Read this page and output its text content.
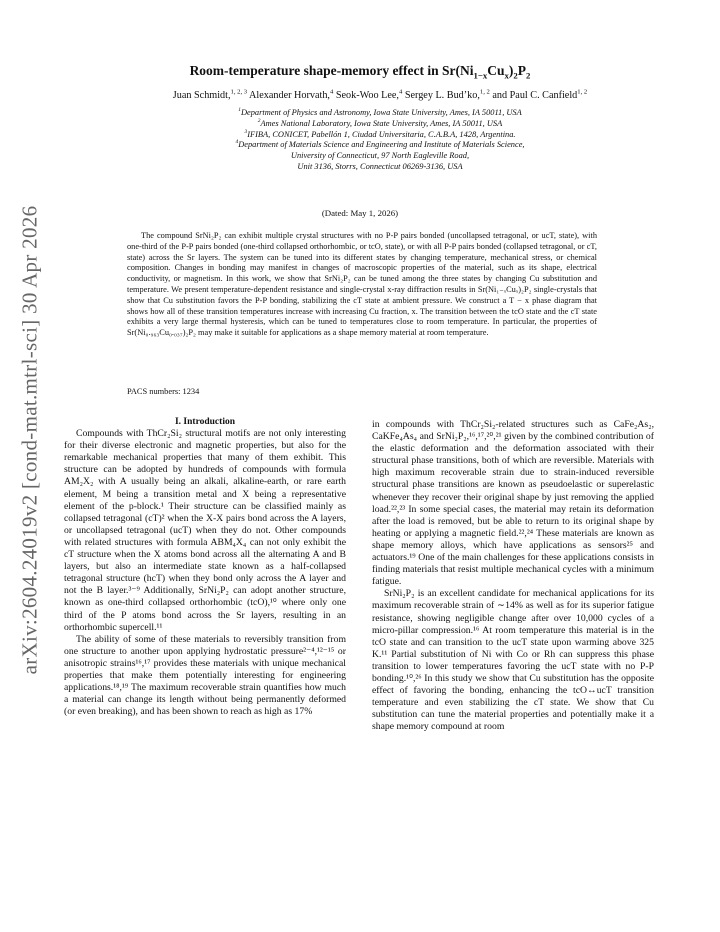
arXiv:2604.24019v2 [cond-mat.mtrl-sci] 30 Apr 2026
Room-temperature shape-memory effect in $Sr(Ni_{1-x}Cu_x)_2P_2$
Juan Schmidt,$^{1, 2, 3}$ Alexander Horvath,$^4$ Seok-Woo Lee,$^4$ Sergey L. Bud’ko,$^{1, 2}$ and Paul C. Canfield$^{1, 2}$
$^1$Department of Physics and Astronomy, Iowa State University, Ames, IA 50011, USA
$^2$Ames National Laboratory, Iowa State University, Ames, IA 50011, USA
$^3$IFIBA, CONICET, Pabellón 1, Ciudad Universitaria, C.A.B.A, 1428, Argentina.
$^4$Department of Materials Science and Engineering and Institute of Materials Science,
University of Connecticut, 97 North Eagleville Road,
Unit 3136, Storrs, Connecticut 06269-3136, USA
(Dated: May 1, 2026)

The compound SrNi₂P₂ can exhibit multiple crystal structures with no P-P pairs bonded (uncollapsed tetragonal, or ucT, state), with one-third of the P-P pairs bonded (one-third collapsed orthorhombic, or tcO, state), or with all P-P pairs bonded (collapsed tetragonal, or cT, state) across the Sr layers. The system can be tuned into its different states by changing temperature, mechanical stress, or chemical composition. Changes in bonding may manifest in changes of macroscopic properties of the material, such as its shape, electrical conductivity, or magnetism. In this work, we show that SrNi₂P₂ can be tuned among the three states by changing Cu substitution and temperature. We present temperature-dependent resistance and single-crystal x-ray diffraction results in Sr(Ni₁₋ₓCuₓ)₂P₂ single-crystals that show that Cu substitution favors the P-P bonding, stabilizing the cT state at ambient pressure. We construct a T − x phase diagram that shows how all of these transition temperatures increase with increasing Cu fraction, x. The transition between the tcO state and the cT state exhibits a very large thermal hysteresis, which can be tuned to temperatures close to room temperature. In particular, the properties of Sr(Ni₀.₉₆₃Cu₀.₀₃₇)₂P₂ may make it suitable for applications as a shape memory material at room temperature.

PACS numbers: 1234

I. Introduction

Compounds with ThCr₂Si₂ structural motifs are not only interesting for their diverse electronic and magnetic properties, but also for the remarkable mechanical properties that many of them exhibit. This structure can be adopted by hundreds of compounds with formula AM₂X₂ with A usually being an alkali, alkaline-earth, or rare earth element, M being a transition metal and X being a representative element of the p-block.¹ Their structure can be classified mainly as collapsed tetragonal (cT)² when the X-X pairs bond across the A layers, or uncollapsed tetragonal (ucT) when they do not. Other compounds with related structures with formula ABM₄X₄ can not only exhibit the cT structure when the X atoms bond across all the alternating A and B layers, but also an intermediate state known as a half-collapsed tetragonal structure (hcT) when they bond only across the A layer and not the B layer.³⁻⁹ Additionally, SrNi₂P₂ can adopt another structure, known as one-third collapsed orthorhombic (tcO),¹⁰ where only one third of the P atoms bond across the Sr layers, resulting in an orthorhombic supercell.¹¹

The ability of some of these materials to reversibly transition from one structure to another upon applying hydrostatic pressure²⁻⁴,¹²⁻¹⁵ or anisotropic strains¹⁶,¹⁷ provides these materials with unique mechanical properties that make them potentially interesting for engineering applications.¹⁸,¹⁹ The maximum recoverable strain quantifies how much a material can change its length without being permanently deformed (or even breaking), and has been shown to reach as high as 17%

in compounds with ThCr₂Si₂-related structures such as CaFe₂As₂, CaKFe₄As₄ and SrNi₂P₂,¹⁶,¹⁷,²⁰,²¹ given by the combined contribution of the elastic deformation and the deformation associated with their structural phase transitions, both of which are reversible. Materials with high maximum recoverable strain due to strain-induced reversible structural phase transitions are known as pseudoelastic or superelastic whenever they recover their original shape by just removing the applied load.²²,²³ In some special cases, the material may retain its deformation after the load is removed, but be able to return to its original shape by heating or applying a magnetic field.²²,²⁴ These materials are known as shape memory alloys, which have applications as sensors²⁵ and actuators.¹⁹ One of the main challenges for these applications consists in finding materials that resist multiple mechanical cycles with a minimum fatigue.

SrNi₂P₂ is an excellent candidate for mechanical applications for its maximum recoverable strain of ∼14% as well as for its superior fatigue resistance, showing negligible change after over 10,000 cycles of a micro-pillar compression.¹⁶ At room temperature this material is in the tcO state and can transition to the ucT state upon warming above 325 K.¹¹ Partial substitution of Ni with Co or Rh can suppress this phase transition to lower temperatures favoring the ucT state with no P-P bonding.¹⁰,²⁶ In this study we show that Cu substitution has the opposite effect of favoring the bonding, enhancing the tcO↔ucT transition temperature and even stabilizing the cT state. We show that Cu substitution can tune the material properties and potentially make it a shape memory compound at room
